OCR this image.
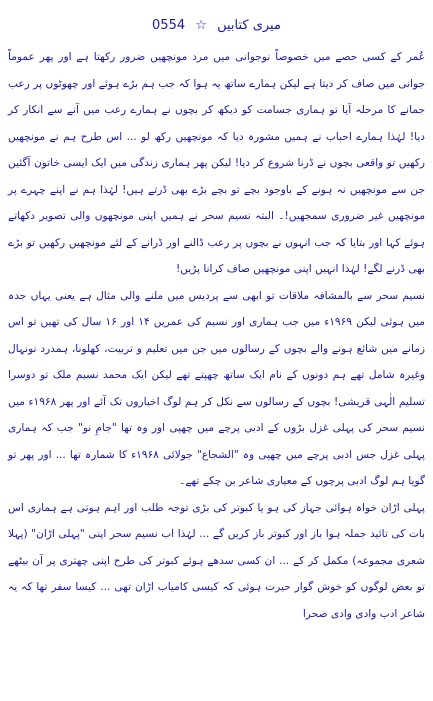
0554 ☆ میری کتابیں

عُمر کے کسی حصے میں خصوصاً نوجوانی میں مرد مونچھیں ضرور رکھتا ہے اور پھر عموماً جوانی میں صاف کر دیتا ہے لیکن ہمارے ساتھ یہ ہوا کہ جب ہم بڑے ہوئے اور چھوٹوں پر رعب جمانے کا مرحلہ آیا تو ہماری جسامت کو دیکھ کر بچوں نے ہمارے رعب میں آنے سے انکار کر دیا! لہٰذا ہمارے احباب نے ہمیں مشورہ دیا کہ مونچھیں رکھ لو ... اس طرح ہم نے مونچھیں رکھیں تو واقعی بچوں نے ڈرنا شروع کر دیا! لیکن پھر ہماری زندگی میں ایک ایسی خاتون آگئیں جن سے مونچھیں نہ ہونے کے باوجود بچے تو بچے بڑے بھی ڈرتے ہیں! لہٰذا ہم نے اپنے چہرے پر مونچھیں غیر ضروری سمجھیں!۔ البتہ نسیم سحر نے ہمیں اپنی مونچھوں والی تصویر دکھاتے ہوئے کہا اور بتایا کہ جب انہوں نے بچوں پر رعب ڈالنے اور ڈرانے کے لئے مونچھیں رکھیں تو بڑے بھی ڈرنے لگے! لہٰذا انہیں اپنی مونچھیں صاف کرانا پڑیں!

نسیم سحر سے بالمشافہ ملاقات تو ابھی سے پردیس میں ملنے والی مثال ہے یعنی یہاں جدہ میں ہوئی لیکن ۱۹۶۹ء میں جب ہماری اور نسیم کی عمریں ۱۴ اور ۱۶ سال کی تھیں تو اس زمانے میں شائع ہونے والے بچوں کے رسالوں میں جن میں تعلیم و تربیت، کھلونا، ہمدرد نونہال وغیرہ شامل تھے ہم دونوں کے نام ایک ساتھ چھپتے تھے لیکن ایک محمد نسیم ملک تو دوسرا تسلیم الٰہی قریشی! بچوں کے رسالوں سے نکل کر ہم لوگ اخباروں تک آئے اور پھر ۱۹۶۸ء میں نسیم سحر کی پہلی غزل بڑوں کے ادبی پرچے میں چھپی اور وہ تھا "جامِ نو" جب کہ ہماری پہلی غزل جس ادبی پرچے میں چھپی وہ "الشجاع" جولائی ۱۹۶۸ء کا شمارہ تھا ... اور پھر تو گویا ہم لوگ ادبی پرچوں کے معیاری شاعر بن چکے تھے۔

پہلی اڑان خواہ ہوائی جہاز کی ہو یا کبوتر کی بڑی توجہ طلب اور اہم ہوتی ہے ہماری اس بات کی تائید جملہ ہوا باز اور کبوتر باز کریں گے ... لہٰذا اب نسیم سحر اپنی "پہلی اڑان" (پہلا شعری مجموعہ) مکمل کر کے ... ان کسی سدھے ہوئے کبوتر کی طرح اپنی چھتری پر آن بیٹھے تو بعض لوگوں کو خوش گوار حیرت ہوئی کہ کیسی کامیاب اڑان تھی ... کیسا سفر تھا کہ یہ شاعر ادب وادی وادی صحرا
